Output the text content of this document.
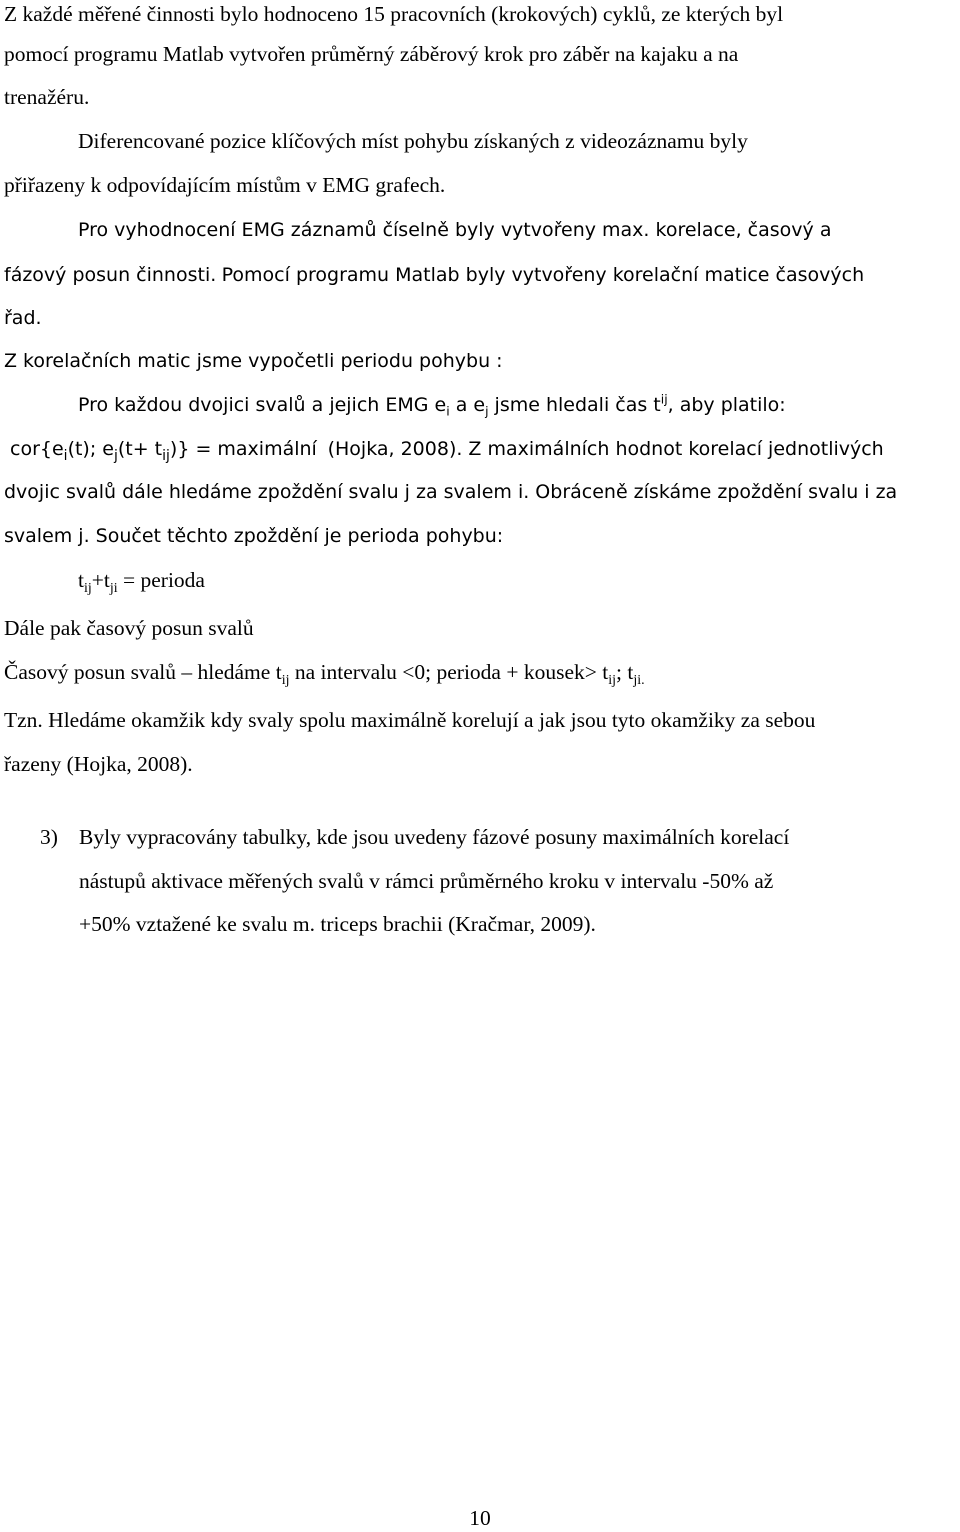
Z každé měřené činnosti bylo hodnoceno 15 pracovních (krokových) cyklů, ze kterých byl
pomocí programu Matlab vytvořen průměrný záběrový krok pro záběr na kajaku a na
trenažéru.
Diferencované pozice klíčových míst pohybu získaných z videozáznamu byly
přiřazeny k odpovídajícím místům v EMG grafech.
Pro vyhodnocení EMG záznamů číselně byly vytvořeny max. korelace, časový a
fázový posun činnosti. Pomocí programu Matlab byly vytvořeny korelační matice časových
řad.
Z korelačních matic jsme vypočetli periodu pohybu :
Pro každou dvojici svalů a jejich EMG $e_i$ a $e_j$ jsme hledali čas $t^{ij}$, aby platilo:
$cor\{e_i(t)$; $e_j(t+ t_{ij})$} = maximální (Hojka, 2008). Z maximálních hodnot korelací jednotlivých
dvojic svalů dále hledáme zpoždění svalu j za svalem i. Obráceně získáme zpoždění svalu i za
svalem j. Součet těchto zpoždění je perioda pohybu:
$t_{ij}+t_{ji}$ = perioda
Dále pak časový posun svalů
Časový posun svalů – hledáme $t_{ij}$ na intervalu <0; perioda + kousek> $t_{ij}$; $t_{ji.}$
Tzn. Hledáme okamžik kdy svaly spolu maximálně korelují a jak jsou tyto okamžiky za sebou
řazeny (Hojka, 2008).
3) Byly vypracovány tabulky, kde jsou uvedeny fázové posuny maximálních korelací
nástupů aktivace měřených svalů v rámci průměrného kroku v intervalu -50% až
+50% vztažené ke svalu m. triceps brachii (Kračmar, 2009).
10
